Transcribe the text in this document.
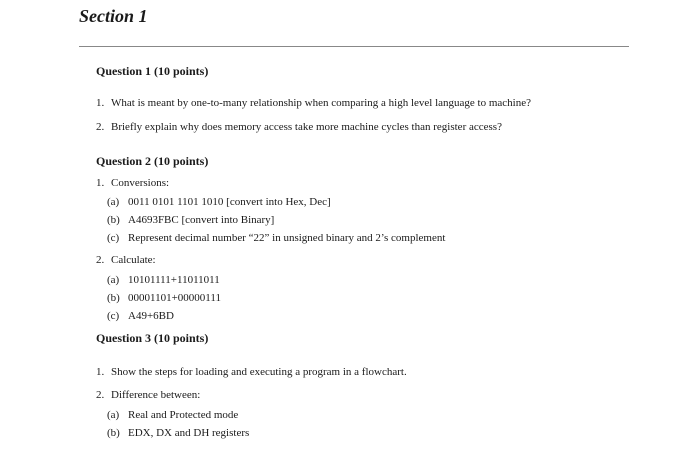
Section 1
Question 1 (10 points)
1. What is meant by one-to-many relationship when comparing a high level language to machine?
2. Briefly explain why does memory access take more machine cycles than register access?
Question 2 (10 points)
1. Conversions:
(a) 0011 0101 1101 1010 [convert into Hex, Dec]
(b) A4693FBC [convert into Binary]
(c) Represent decimal number “22” in unsigned binary and 2’s complement
2. Calculate:
(a) 10101111+11011011
(b) 00001101+00000111
(c) A49+6BD
Question 3 (10 points)
1. Show the steps for loading and executing a program in a flowchart.
2. Difference between:
(a) Real and Protected mode
(b) EDX, DX and DH registers
